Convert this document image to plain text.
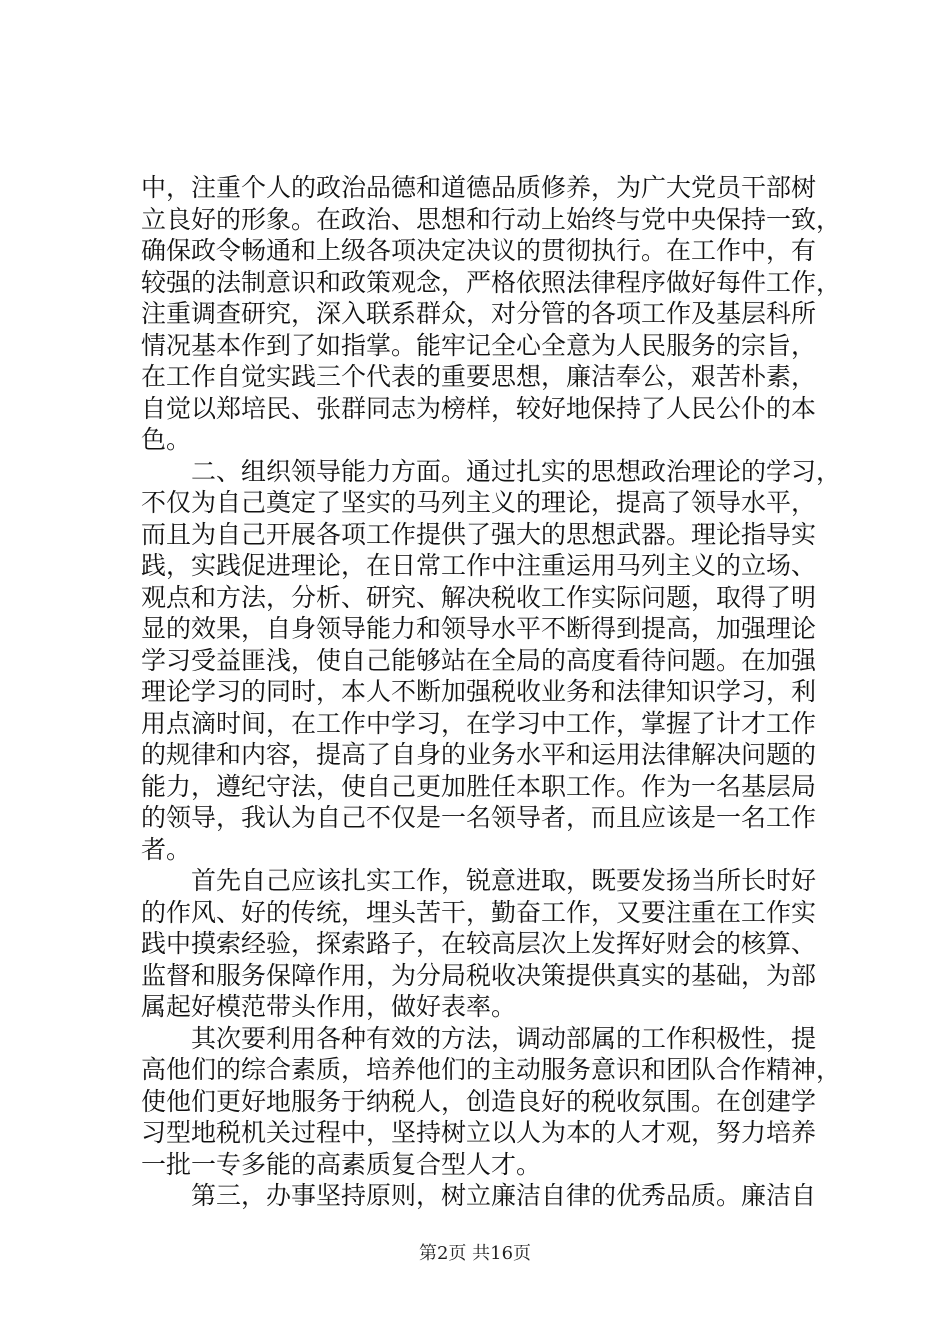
中，注重个人的政治品德和道德品质修养，为广大党员干部树
立良好的形象。在政治、思想和行动上始终与党中央保持一致，
确保政令畅通和上级各项决定决议的贯彻执行。在工作中，有
较强的法制意识和政策观念，严格依照法律程序做好每件工作，
注重调查研究，深入联系群众，对分管的各项工作及基层科所
情况基本作到了如指掌。能牢记全心全意为人民服务的宗旨，
在工作自觉实践三个代表的重要思想，廉洁奉公，艰苦朴素，
自觉以郑培民、张群同志为榜样，较好地保持了人民公仆的本
色。
二、组织领导能力方面。通过扎实的思想政治理论的学习，
不仅为自己奠定了坚实的马列主义的理论，提高了领导水平，
而且为自己开展各项工作提供了强大的思想武器。理论指导实
践，实践促进理论，在日常工作中注重运用马列主义的立场、
观点和方法，分析、研究、解决税收工作实际问题，取得了明
显的效果，自身领导能力和领导水平不断得到提高，加强理论
学习受益匪浅，使自己能够站在全局的高度看待问题。在加强
理论学习的同时，本人不断加强税收业务和法律知识学习，利
用点滴时间，在工作中学习，在学习中工作，掌握了计才工作
的规律和内容，提高了自身的业务水平和运用法律解决问题的
能力，遵纪守法，使自己更加胜任本职工作。作为一名基层局
的领导，我认为自己不仅是一名领导者，而且应该是一名工作
者。
首先自己应该扎实工作，锐意进取，既要发扬当所长时好
的作风、好的传统，埋头苦干，勤奋工作，又要注重在工作实
践中摸索经验，探索路子，在较高层次上发挥好财会的核算、
监督和服务保障作用，为分局税收决策提供真实的基础，为部
属起好模范带头作用，做好表率。
其次要利用各种有效的方法，调动部属的工作积极性，提
高他们的综合素质，培养他们的主动服务意识和团队合作精神，
使他们更好地服务于纳税人，创造良好的税收氛围。在创建学
习型地税机关过程中，坚持树立以人为本的人才观，努力培养
一批一专多能的高素质复合型人才。
第三，办事坚持原则，树立廉洁自律的优秀品质。廉洁自
第2页 共16页
